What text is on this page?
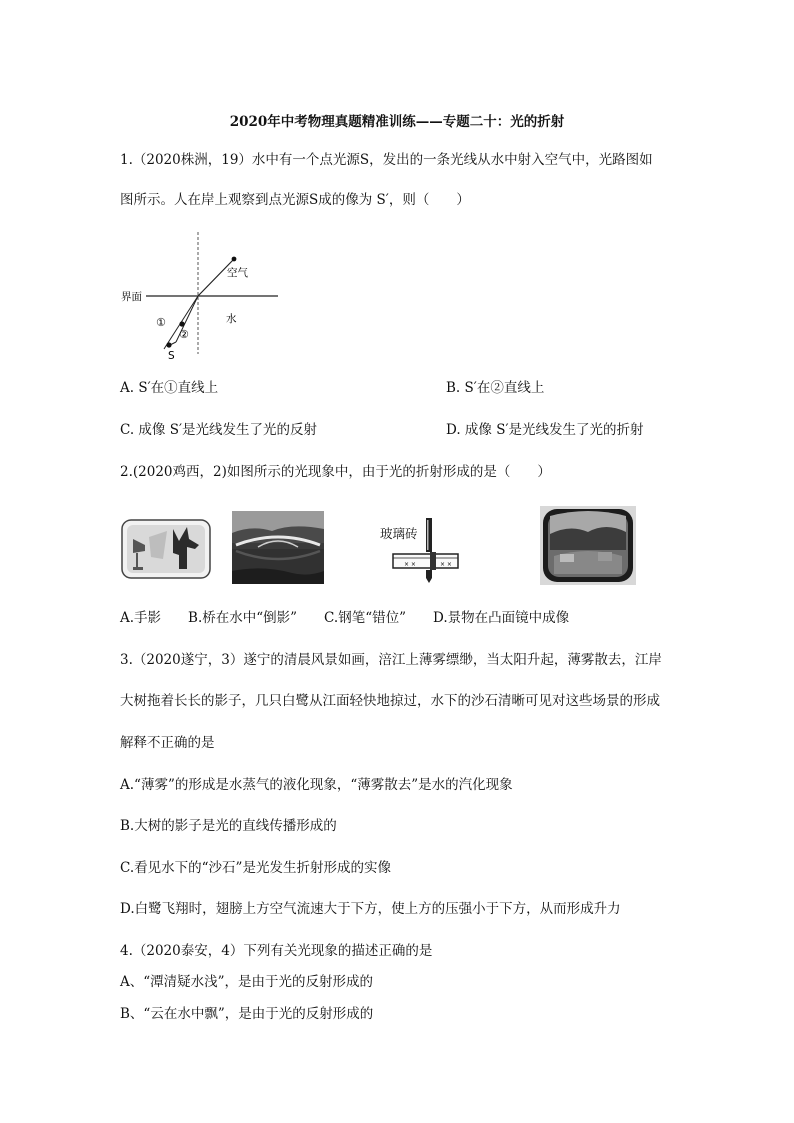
2020年中考物理真题精准训练——专题二十：光的折射
1.（2020株洲，19）水中有一个点光源S，发出的一条光线从水中射入空气中，光路图如
图所示。人在岸上观察到点光源S成的像为 S′，则（　　）
空气
界面
水
①
②
S
A. S′在①直线上	B. S′在②直线上
C. 成像 S′是光线发生了光的反射	D. 成像 S′是光线发生了光的折射
2.(2020鸡西，2)如图所示的光现象中，由于光的折射形成的是（　　）
玻璃砖
× ×	× ×
A.手影　　B.桥在水中“倒影”　　C.钢笔“错位”　　D.景物在凸面镜中成像
3.（2020遂宁，3）遂宁的清晨风景如画，涪江上薄雾缥缈，当太阳升起，薄雾散去，江岸
大树拖着长长的影子，几只白鹭从江面轻快地掠过，水下的沙石清晰可见对这些场景的形成
解释不正确的是
A.“薄雾”的形成是水蒸气的液化现象，“薄雾散去”是水的汽化现象
B.大树的影子是光的直线传播形成的
C.看见水下的“沙石”是光发生折射形成的实像
D.白鹭飞翔时，翅膀上方空气流速大于下方，使上方的压强小于下方，从而形成升力
4.（2020泰安，4）下列有关光现象的描述正确的是
A、“潭清疑水浅”，是由于光的反射形成的
B、“云在水中飘”，是由于光的反射形成的
